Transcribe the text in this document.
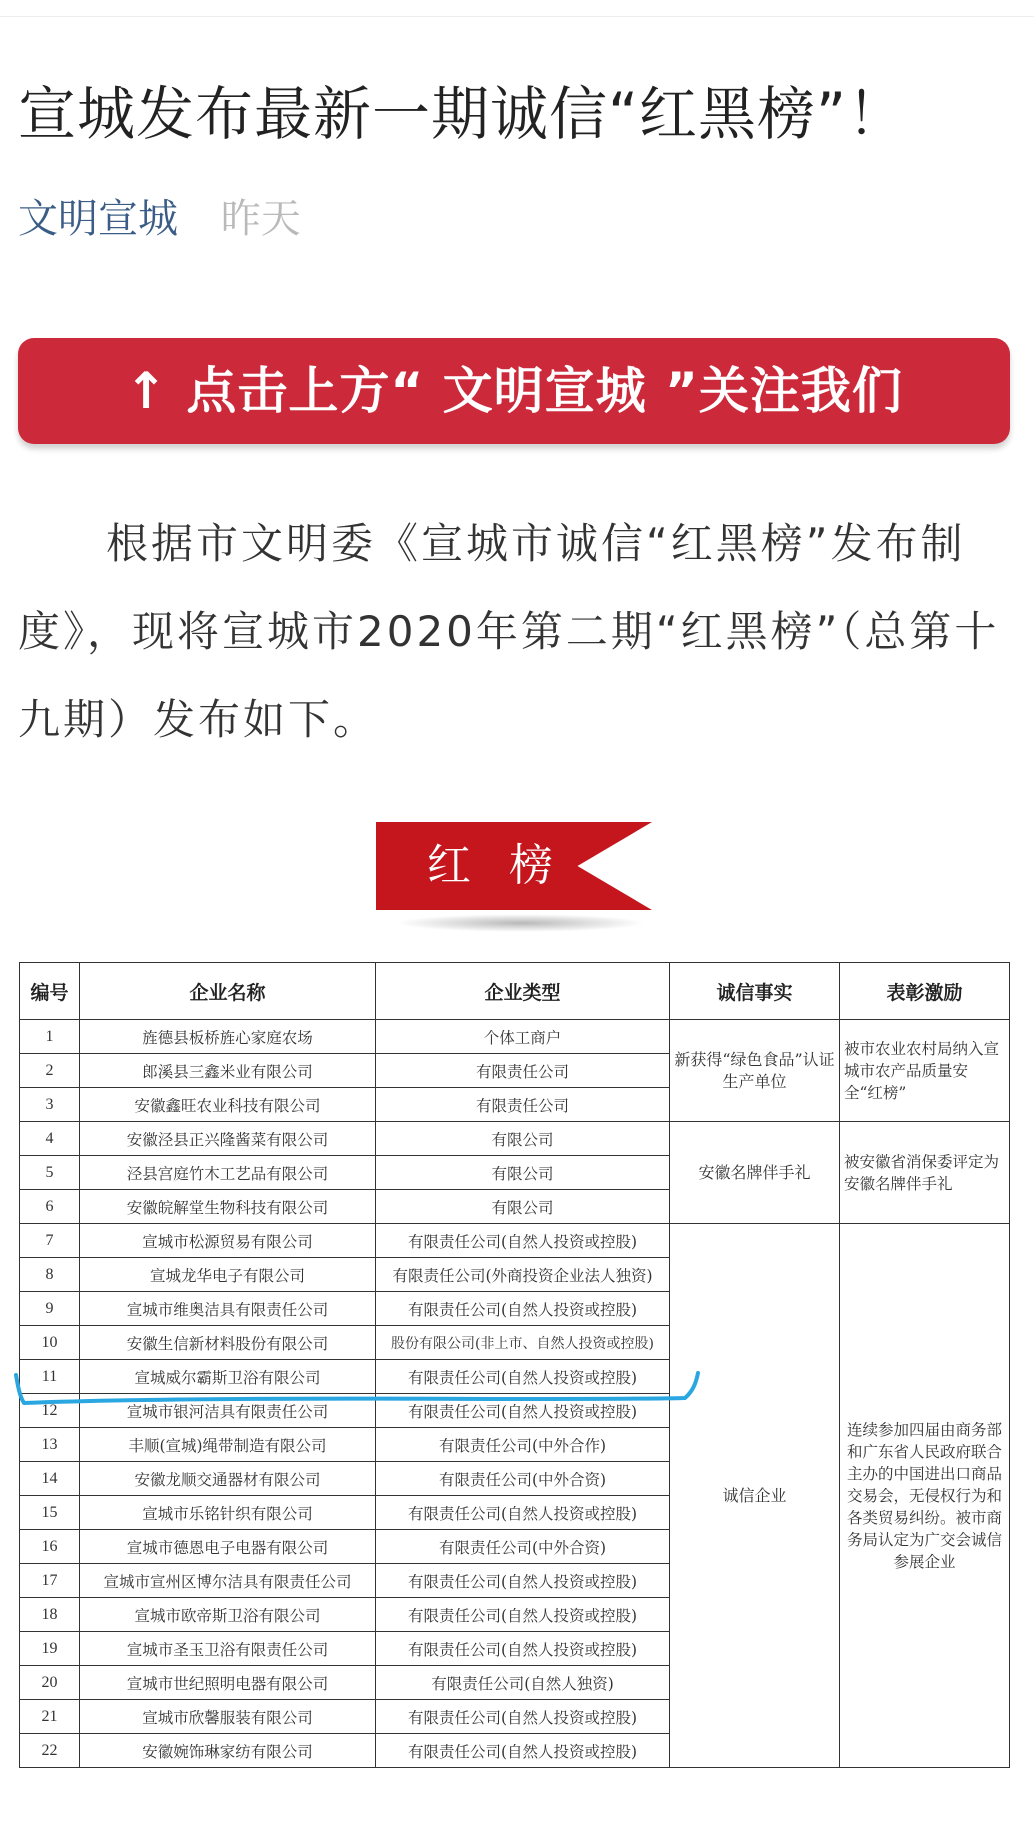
宣城发布最新一期诚信“红黑榜”！
文明宣城 昨天
↑ 点击上方“ 文明宣城 ”关注我们
根据市文明委《宣城市诚信“红黑榜”发布制度》，现将宣城市2020年第二期“红黑榜”（总第十九期）发布如下。
红 榜
编号	企业名称	企业类型	诚信事实	表彰激励
1	旌德县板桥旌心家庭农场	个体工商户	新获得“绿色食品”认证生产单位	被市农业农村局纳入宣城市农产品质量安全“红榜”
2	郎溪县三鑫米业有限公司	有限责任公司		
3	安徽鑫旺农业科技有限公司	有限责任公司		
4	安徽泾县正兴隆酱菜有限公司	有限公司	安徽名牌伴手礼	被安徽省消保委评定为安徽名牌伴手礼
5	泾县宫庭竹木工艺品有限公司	有限公司		
6	安徽皖解堂生物科技有限公司	有限公司		
7	宣城市松源贸易有限公司	有限责任公司(自然人投资或控股)	诚信企业	连续参加四届由商务部和广东省人民政府联合主办的中国进出口商品交易会，无侵权行为和各类贸易纠纷。被市商务局认定为广交会诚信参展企业
8	宣城龙华电子有限公司	有限责任公司(外商投资企业法人独资)		
9	宣城市维奥洁具有限责任公司	有限责任公司(自然人投资或控股)		
10	安徽生信新材料股份有限公司	股份有限公司(非上市、自然人投资或控股)		
11	宣城威尔霸斯卫浴有限公司	有限责任公司(自然人投资或控股)		
12	宣城市银河洁具有限责任公司	有限责任公司(自然人投资或控股)		
13	丰顺(宣城)绳带制造有限公司	有限责任公司(中外合作)		
14	安徽龙顺交通器材有限公司	有限责任公司(中外合资)		
15	宣城市乐铭针织有限公司	有限责任公司(自然人投资或控股)		
16	宣城市德恩电子电器有限公司	有限责任公司(中外合资)		
17	宣城市宣州区博尔洁具有限责任公司	有限责任公司(自然人投资或控股)		
18	宣城市欧帝斯卫浴有限公司	有限责任公司(自然人投资或控股)		
19	宣城市圣玉卫浴有限责任公司	有限责任公司(自然人投资或控股)		
20	宣城市世纪照明电器有限公司	有限责任公司(自然人独资)		
21	宣城市欣馨服装有限公司	有限责任公司(自然人投资或控股)		
22	安徽婉饰琳家纺有限公司	有限责任公司(自然人投资或控股)		
